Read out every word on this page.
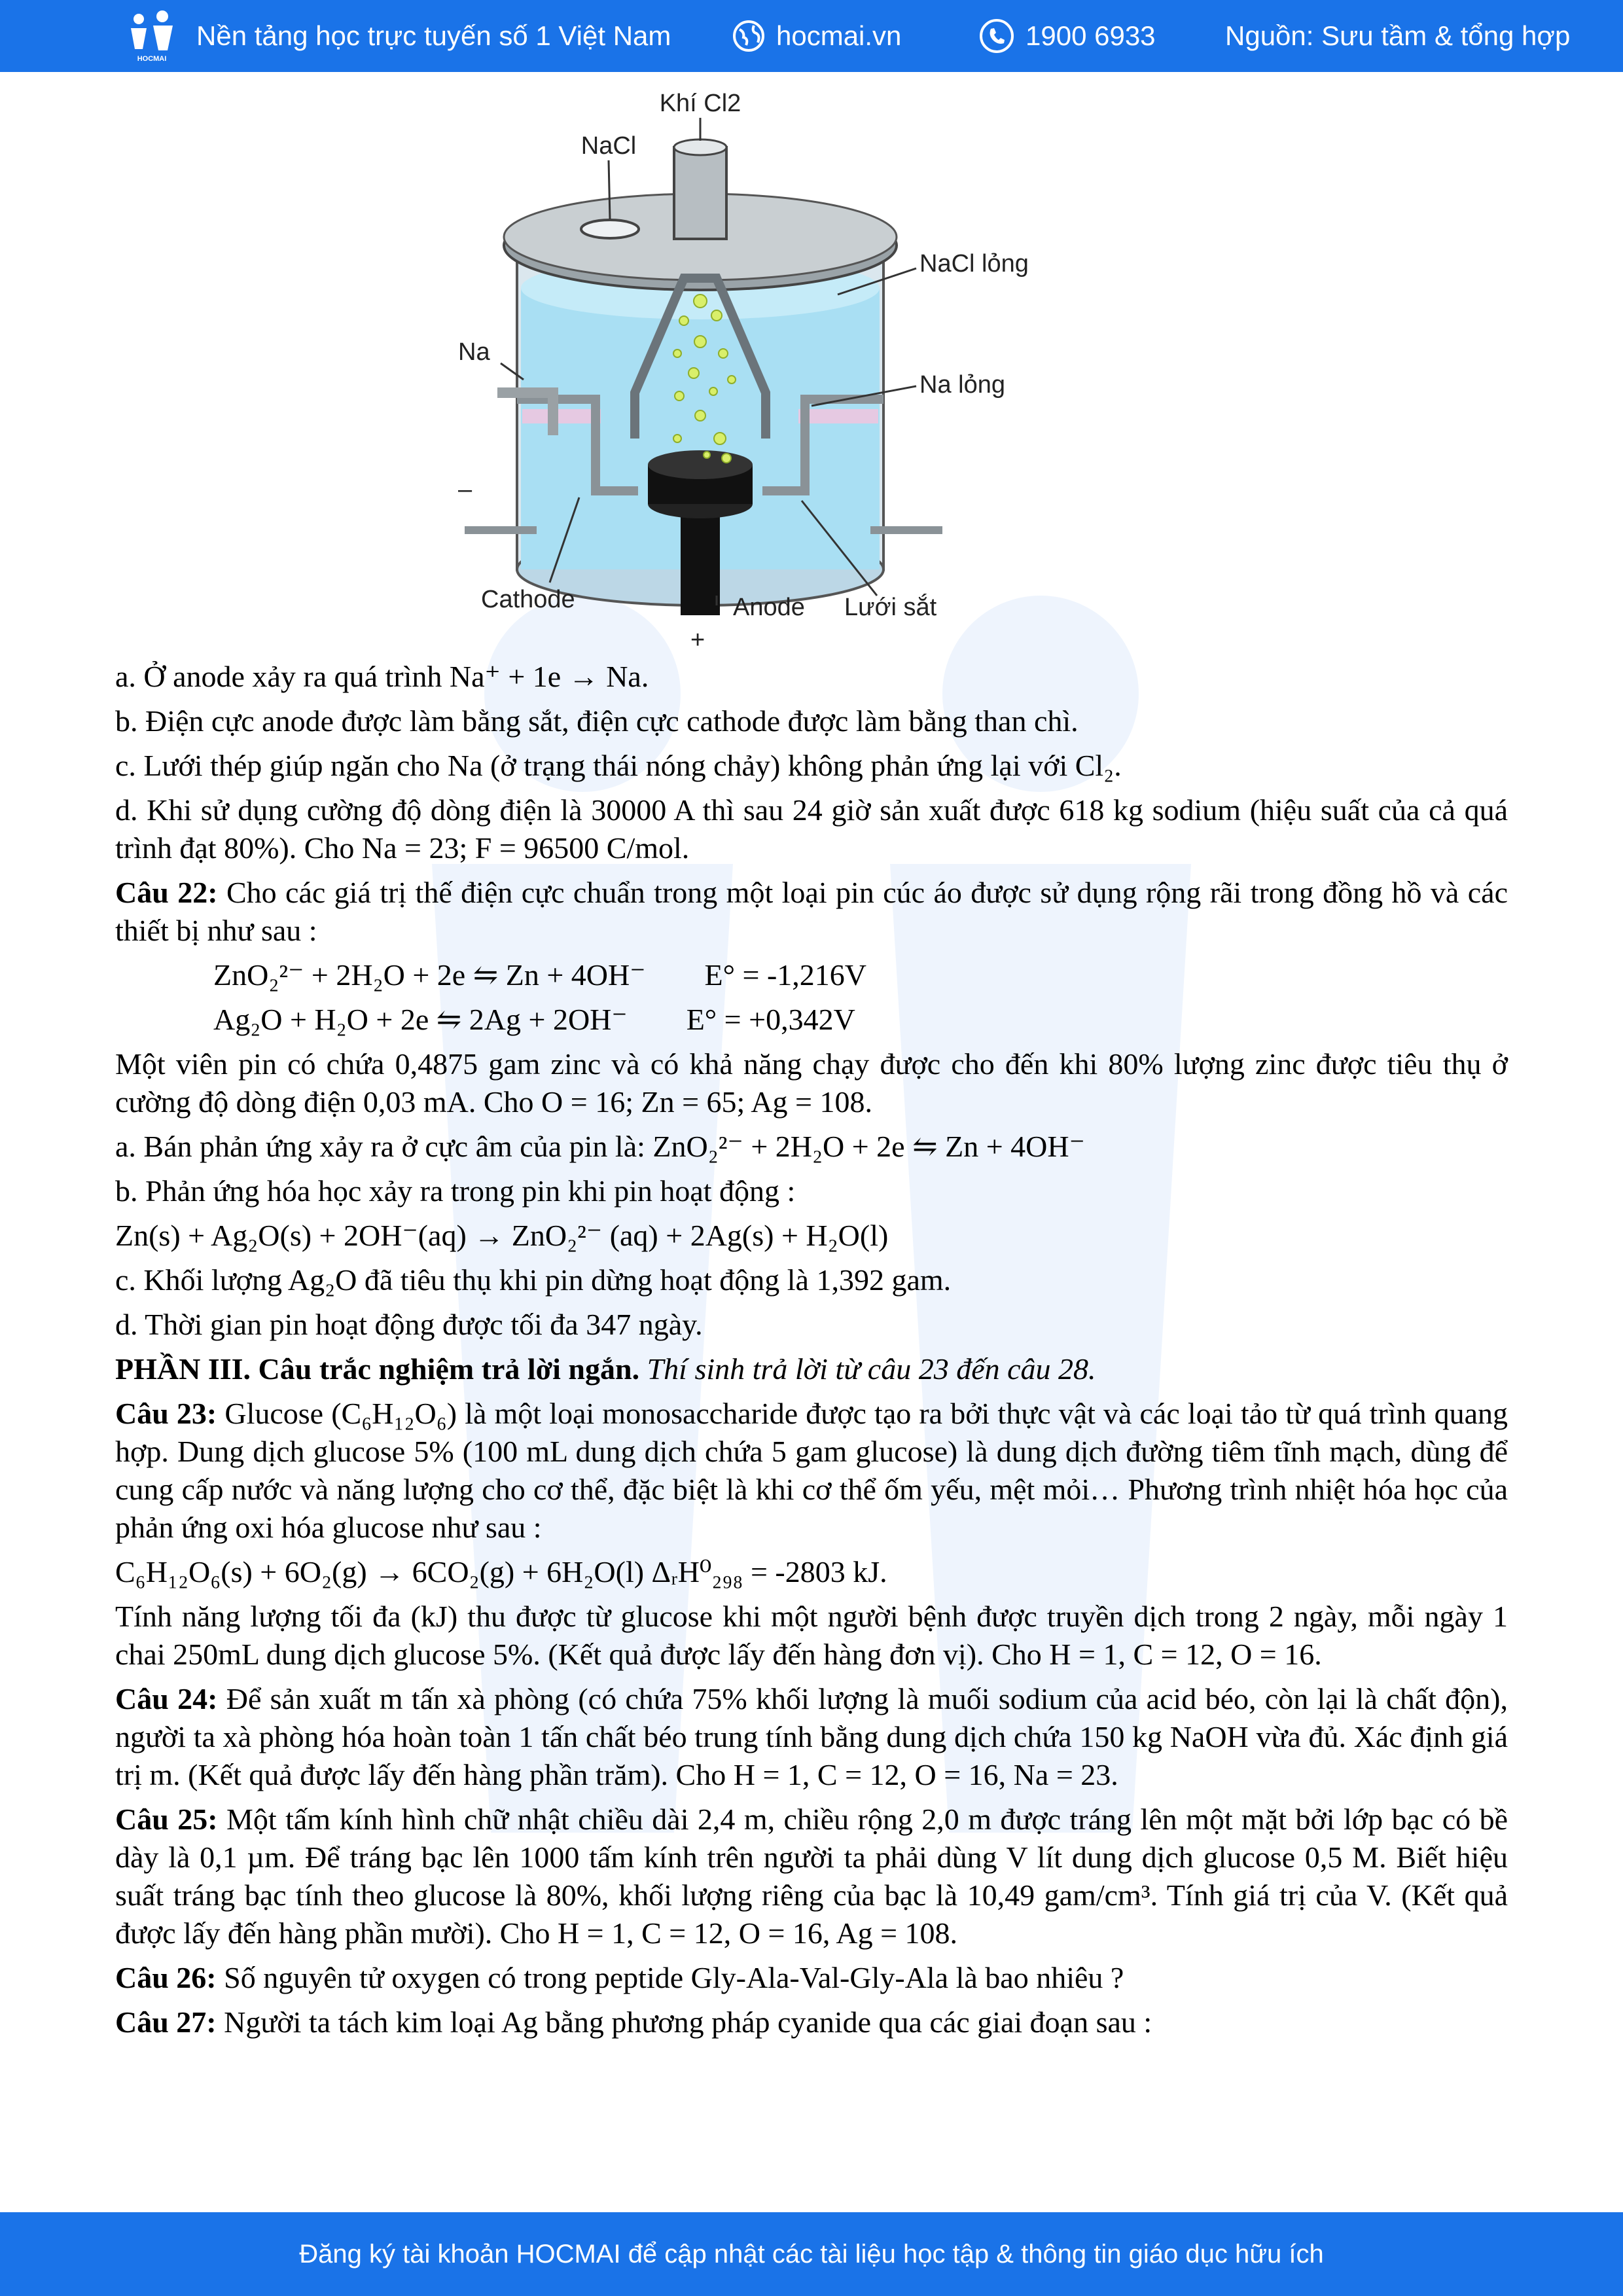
HOCMAI
Nền tảng học trực tuyến số 1 Việt Nam	hocmai.vn	1900 6933	Nguồn: Sưu tầm & tổng hợp
Khí Cl2
NaCl
NaCl lỏng
Na
Na lỏng
–
Cathode	Anode
+
Lưới sắt

a. Ở anode xảy ra quá trình Na⁺ + 1e → Na.

b. Điện cực anode được làm bằng sắt, điện cực cathode được làm bằng than chì.

c. Lưới thép giúp ngăn cho Na (ở trạng thái nóng chảy) không phản ứng lại với Cl₂.

d. Khi sử dụng cường độ dòng điện là 30000 A thì sau 24 giờ sản xuất được 618 kg sodium (hiệu suất của cả quá trình đạt 80%). Cho Na = 23; F = 96500 C/mol.

Câu 22: Cho các giá trị thế điện cực chuẩn trong một loại pin cúc áo được sử dụng rộng rãi trong đồng hồ và các thiết bị như sau :

ZnO₂²⁻ + 2H₂O + 2e ⇋ Zn + 4OH⁻ E° = -1,216V

Ag₂O + H₂O + 2e ⇋ 2Ag + 2OH⁻ E° = +0,342V

Một viên pin có chứa 0,4875 gam zinc và có khả năng chạy được cho đến khi 80% lượng zinc được tiêu thụ ở cường độ dòng điện 0,03 mA. Cho O = 16; Zn = 65; Ag = 108.

a. Bán phản ứng xảy ra ở cực âm của pin là: ZnO₂²⁻ + 2H₂O + 2e ⇋ Zn + 4OH⁻

b. Phản ứng hóa học xảy ra trong pin khi pin hoạt động :

Zn(s) + Ag₂O(s) + 2OH⁻(aq) → ZnO₂²⁻ (aq) + 2Ag(s) + H₂O(l)

c. Khối lượng Ag₂O đã tiêu thụ khi pin dừng hoạt động là 1,392 gam.

d. Thời gian pin hoạt động được tối đa 347 ngày.

PHẦN III. Câu trắc nghiệm trả lời ngắn. Thí sinh trả lời từ câu 23 đến câu 28.

Câu 23: Glucose (C₆H₁₂O₆) là một loại monosaccharide được tạo ra bởi thực vật và các loại tảo từ quá trình quang hợp. Dung dịch glucose 5% (100 mL dung dịch chứa 5 gam glucose) là dung dịch đường tiêm tĩnh mạch, dùng để cung cấp nước và năng lượng cho cơ thể, đặc biệt là khi cơ thể ốm yếu, mệt mỏi… Phương trình nhiệt hóa học của phản ứng oxi hóa glucose như sau :

C₆H₁₂O₆(s) + 6O₂(g) → 6CO₂(g) + 6H₂O(l) ΔᵣH⁰₂₉₈ = -2803 kJ.

Tính năng lượng tối đa (kJ) thu được từ glucose khi một người bệnh được truyền dịch trong 2 ngày, mỗi ngày 1 chai 250mL dung dịch glucose 5%. (Kết quả được lấy đến hàng đơn vị). Cho H = 1, C = 12, O = 16.

Câu 24: Để sản xuất m tấn xà phòng (có chứa 75% khối lượng là muối sodium của acid béo, còn lại là chất độn), người ta xà phòng hóa hoàn toàn 1 tấn chất béo trung tính bằng dung dịch chứa 150 kg NaOH vừa đủ. Xác định giá trị m. (Kết quả được lấy đến hàng phần trăm). Cho H = 1, C = 12, O = 16, Na = 23.

Câu 25: Một tấm kính hình chữ nhật chiều dài 2,4 m, chiều rộng 2,0 m được tráng lên một mặt bởi lớp bạc có bề dày là 0,1 µm. Để tráng bạc lên 1000 tấm kính trên người ta phải dùng V lít dung dịch glucose 0,5 M. Biết hiệu suất tráng bạc tính theo glucose là 80%, khối lượng riêng của bạc là 10,49 gam/cm³. Tính giá trị của V. (Kết quả được lấy đến hàng phần mười). Cho H = 1, C = 12, O = 16, Ag = 108.

Câu 26: Số nguyên tử oxygen có trong peptide Gly-Ala-Val-Gly-Ala là bao nhiêu ?

Câu 27: Người ta tách kim loại Ag bằng phương pháp cyanide qua các giai đoạn sau :

Đăng ký tài khoản HOCMAI để cập nhật các tài liệu học tập & thông tin giáo dục hữu ích
